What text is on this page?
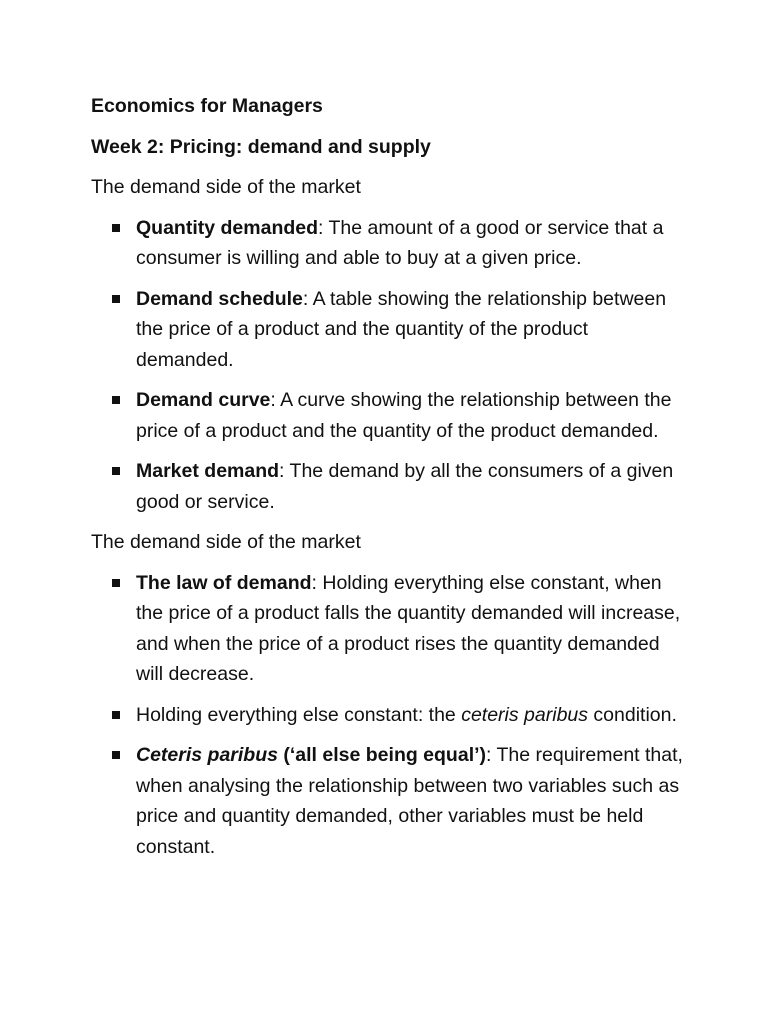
Economics for Managers
Week 2: Pricing: demand and supply
The demand side of the market
Quantity demanded: The amount of a good or service that a consumer is willing and able to buy at a given price.
Demand schedule: A table showing the relationship between the price of a product and the quantity of the product demanded.
Demand curve: A curve showing the relationship between the price of a product and the quantity of the product demanded.
Market demand: The demand by all the consumers of a given good or service.
The demand side of the market
The law of demand: Holding everything else constant, when the price of a product falls the quantity demanded will increase, and when the price of a product rises the quantity demanded will decrease.
Holding everything else constant: the ceteris paribus condition.
Ceteris paribus (‘all else being equal’): The requirement that, when analysing the relationship between two variables such as price and quantity demanded, other variables must be held constant.
